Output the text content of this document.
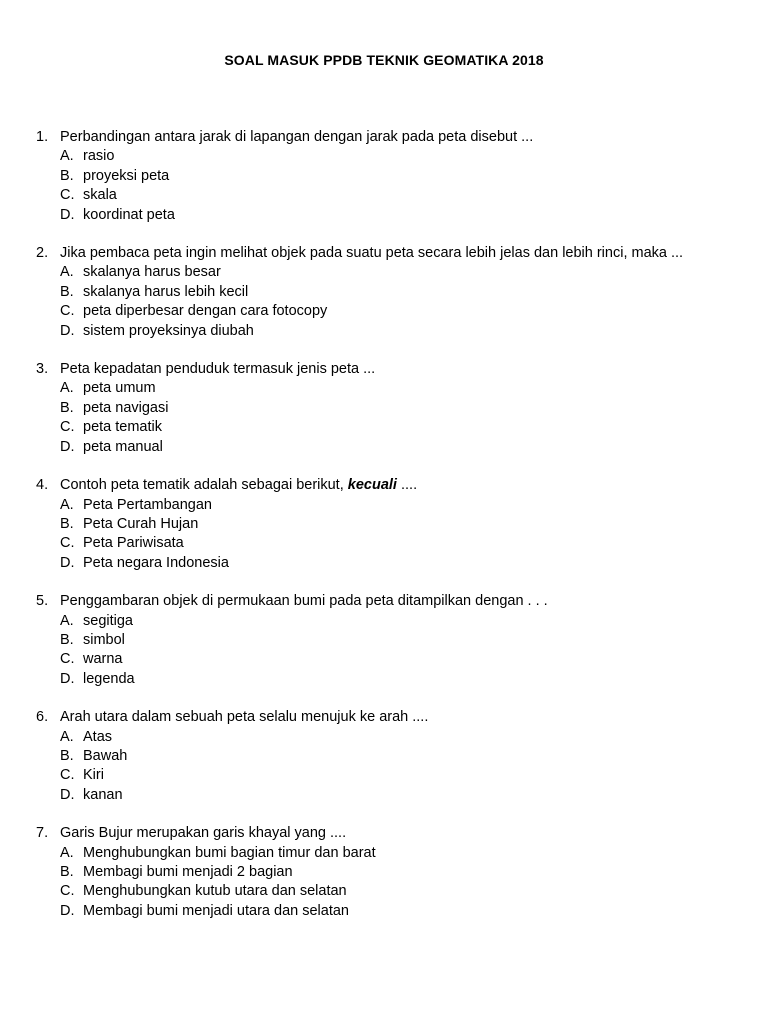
SOAL MASUK PPDB TEKNIK GEOMATIKA 2018
1. Perbandingan antara jarak di lapangan dengan jarak pada peta disebut ...
A. rasio
B. proyeksi peta
C. skala
D. koordinat peta
2. Jika pembaca peta ingin melihat objek pada suatu peta secara lebih jelas dan lebih rinci, maka ...
A. skalanya harus besar
B. skalanya harus lebih kecil
C. peta diperbesar dengan cara fotocopy
D. sistem proyeksinya diubah
3. Peta kepadatan penduduk termasuk jenis peta ...
A. peta umum
B. peta navigasi
C. peta tematik
D. peta manual
4. Contoh peta tematik adalah sebagai berikut, kecuali ....
A. Peta Pertambangan
B. Peta Curah Hujan
C. Peta Pariwisata
D. Peta negara Indonesia
5. Penggambaran objek di permukaan bumi pada peta ditampilkan dengan . . .
A. segitiga
B. simbol
C. warna
D. legenda
6. Arah utara dalam sebuah peta selalu menujuk ke arah ....
A. Atas
B. Bawah
C. Kiri
D. kanan
7. Garis Bujur merupakan garis khayal yang ....
A. Menghubungkan bumi bagian timur dan barat
B. Membagi bumi menjadi 2 bagian
C. Menghubungkan kutub utara dan selatan
D. Membagi bumi menjadi utara dan selatan
